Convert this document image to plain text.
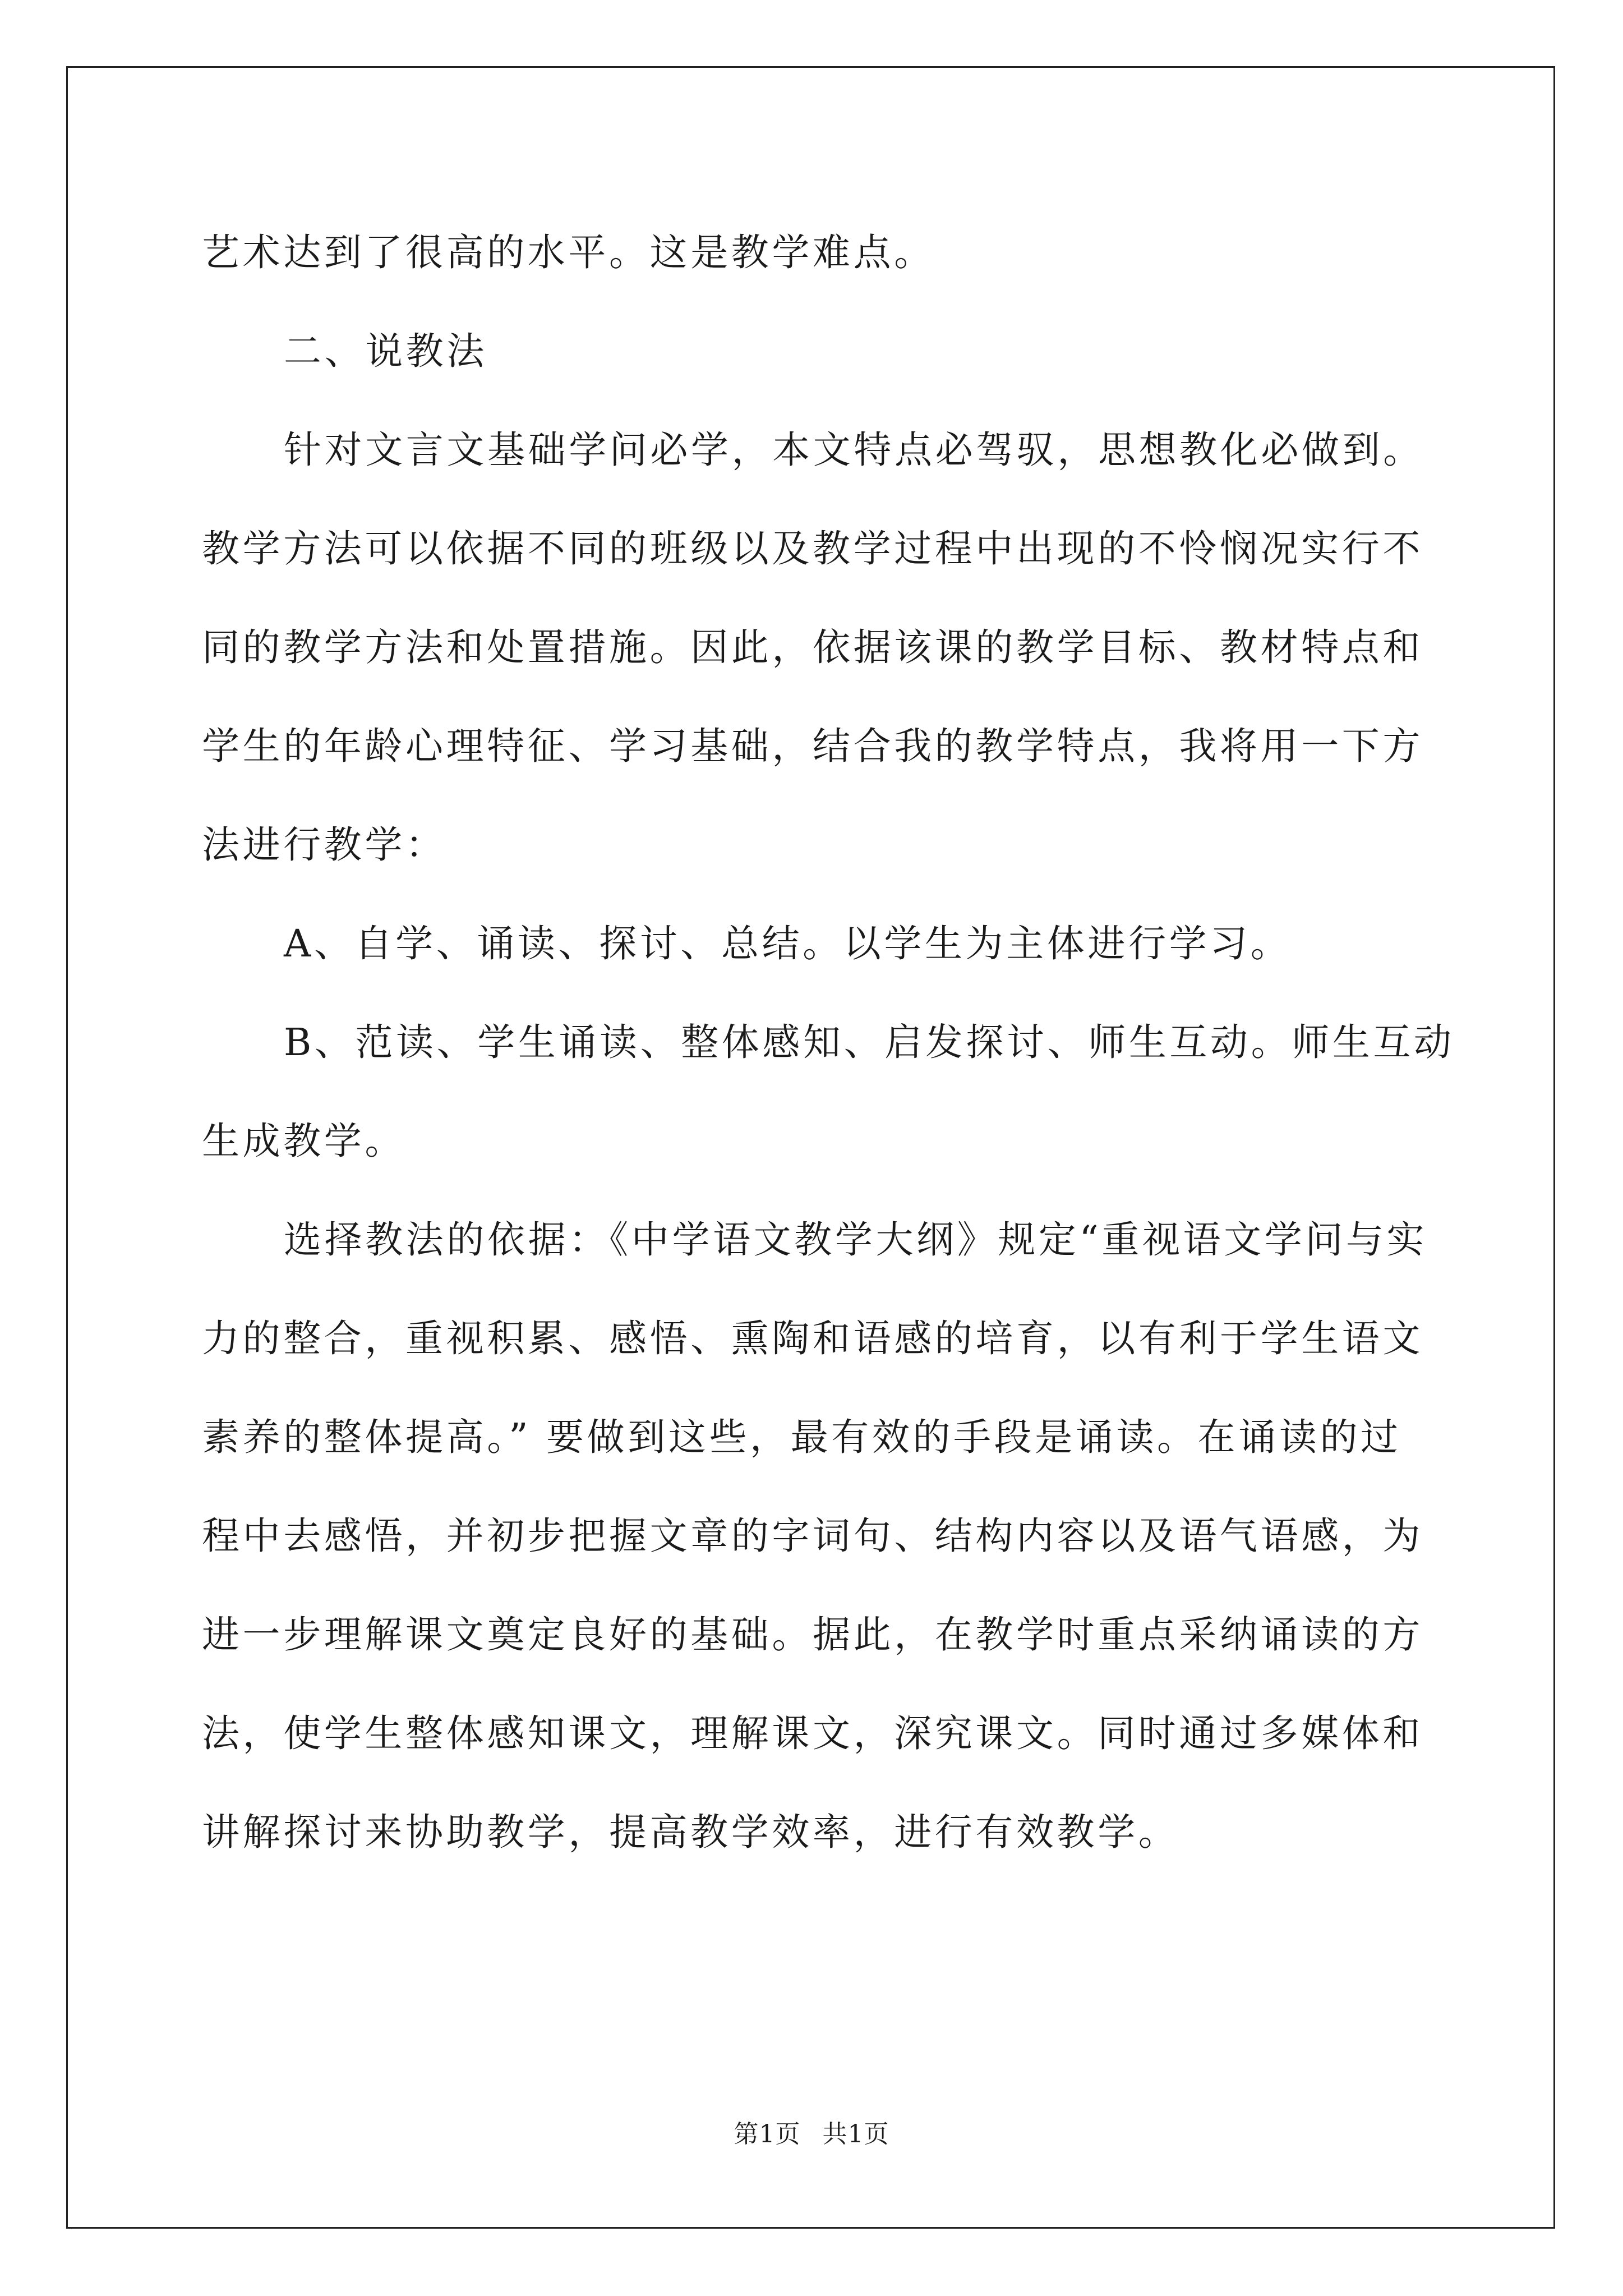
艺术达到了很高的水平。这是教学难点。
二、说教法
针对文言文基础学问必学，本文特点必驾驭，思想教化必做到。
教学方法可以依据不同的班级以及教学过程中出现的不怜悯况实行不
同的教学方法和处置措施。因此，依据该课的教学目标、教材特点和
学生的年龄心理特征、学习基础，结合我的教学特点，我将用一下方
法进行教学：
A、自学、诵读、探讨、总结。以学生为主体进行学习。
B、范读、学生诵读、整体感知、启发探讨、师生互动。师生互动
生成教学。
选择教法的依据：《中学语文教学大纲》规定“重视语文学问与实
力的整合，重视积累、感悟、熏陶和语感的培育，以有利于学生语文
素养的整体提高。” 要做到这些，最有效的手段是诵读。在诵读的过
程中去感悟，并初步把握文章的字词句、结构内容以及语气语感，为
进一步理解课文奠定良好的基础。据此，在教学时重点采纳诵读的方
法，使学生整体感知课文，理解课文，深究课文。同时通过多媒体和
讲解探讨来协助教学，提高教学效率，进行有效教学。
第1页 共1页
